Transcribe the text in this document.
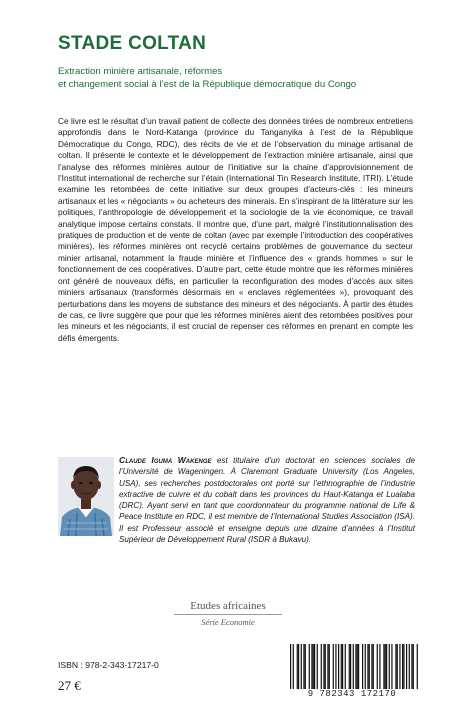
STADE COLTAN
Extraction minière artisanale, réformes
et changement social à l’est de la République démocratique du Congo

Ce livre est le résultat d’un travail patient de collecte des données tirées de nombreux entretiens approfondis dans le Nord-Katanga (province du Tanganyika à l’est de la République Démocratique du Congo, RDC), des récits de vie et de l’observation du minage artisanal de coltan. Il présente le contexte et le développement de l’extraction minière artisanale, ainsi que l’analyse des réformes minières autour de l’initiative sur la chaine d’approvisionnement de l’Institut international de recherche sur l’étain (International Tin Research Institute, ITRI). L’étude examine les retombées de cette initiative sur deux groupes d’acteurs-clés : les mineurs artisanaux et les « négociants » ou acheteurs des minerais. En s’inspirant de la littérature sur les politiques, l’anthropologie de développement et la sociologie de la vie économique, ce travail analytique impose certains constats. Il montre que, d’une part, malgré l’institutionnalisation des pratiques de production et de vente de coltan (avec par exemple l’introduction des coopératives minières), les réformes minières ont recyclé certains problèmes de gouvernance du secteur minier artisanal, notamment la fraude minière et l’influence des « grands hommes » sur le fonctionnement de ces coopératives. D’autre part, cette étude montre que les réformes minières ont généré de nouveaux défis, en particulier la reconfiguration des modes d’accès aux sites miniers artisanaux (transformés désormais en « enclaves réglementées »), provoquant des perturbations dans les moyens de substance des mineurs et des négociants. À partir des études de cas, ce livre suggère que pour que les réformes minières aient des retombées positives pour les mineurs et les négociants, il est crucial de repenser ces réformes en prenant en compte les défis émergents.

Claude Iguma Wakenge est titulaire d’un doctorat en sciences sociales de l’Université de Wageningen. À Claremont Graduate University (Los Angeles, USA), ses recherches postdoctorales ont porté sur l’ethnographie de l’industrie extractive de cuivre et du cobalt dans les provinces du Haut-Katanga et Lualaba (DRC). Ayant servi en tant que coordonnateur du programme national de Life & Peace Institute en RDC, il est membre de l’International Studies Association (ISA). Il est Professeur associé et enseigne depuis une dizaine d’années à l’Institut Supérieur de Développement Rural (ISDR à Bukavu).

Etudes africaines
Série Economie
ISBN : 978-2-343-17217-0
27 €
9 782343 172170
